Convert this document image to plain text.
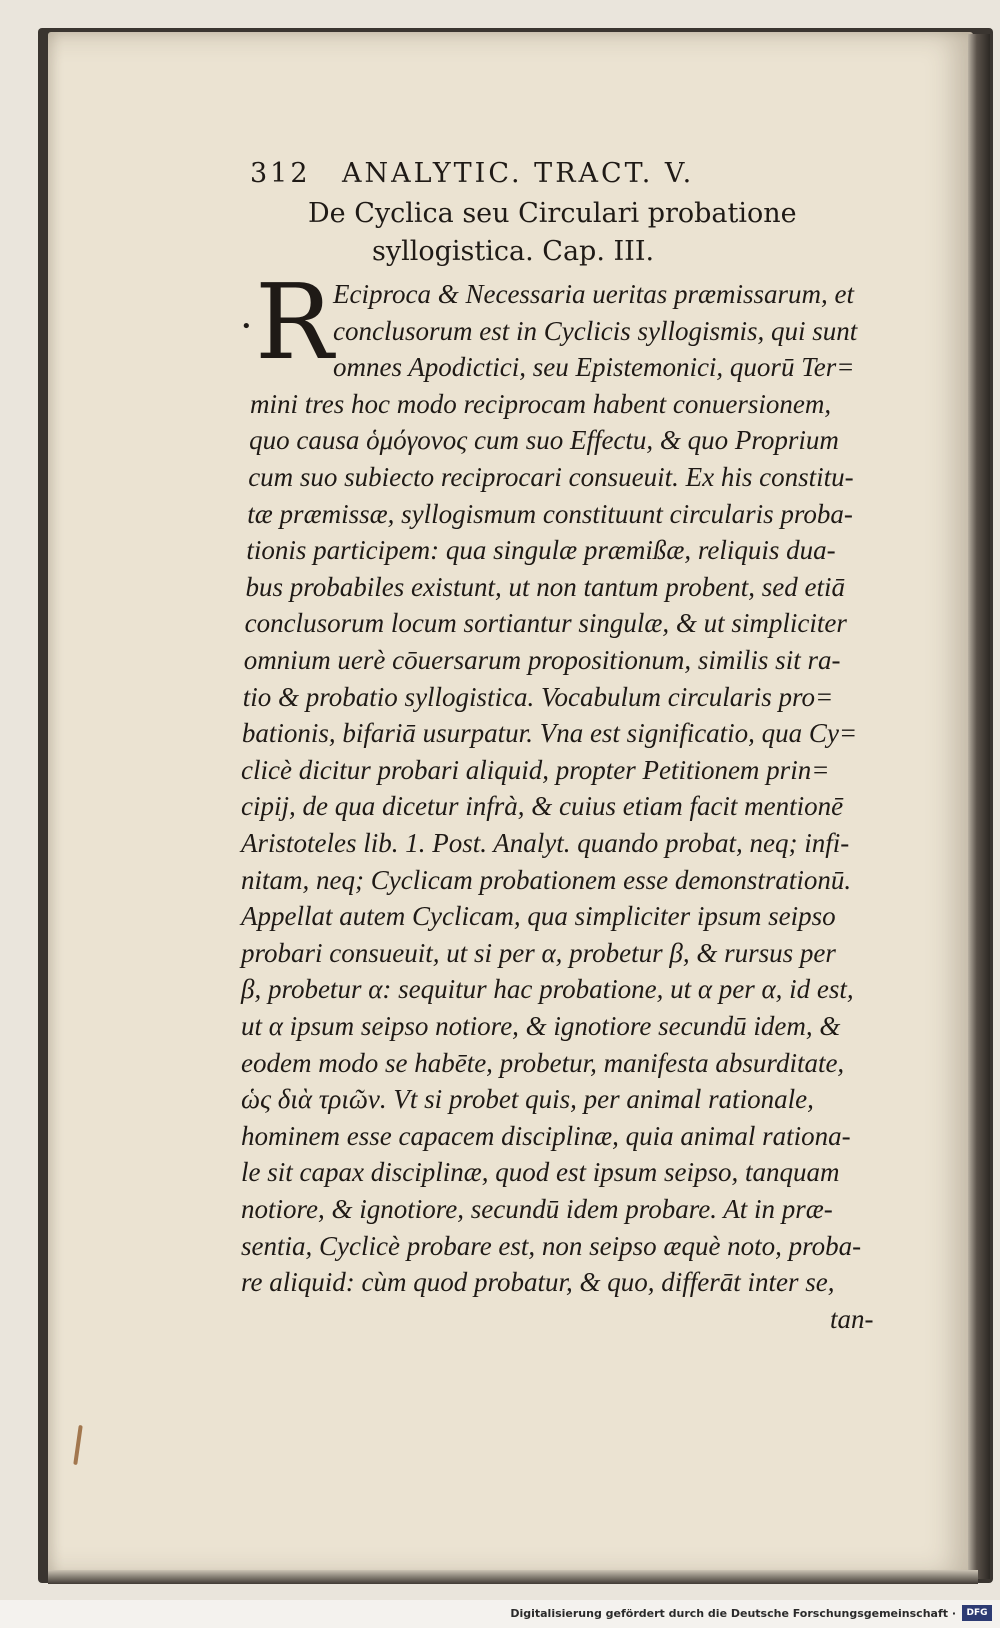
312 ANALYTIC. TRACT. V.
De Cyclica seu Circulari probatione
syllogistica. Cap. III.
R
•
Eciproca & Necessaria ueritas præmissarum, et
conclusorum est in Cyclicis syllogismis, qui sunt
omnes Apodictici, seu Epistemonici, quorū Ter=
mini tres hoc modo reciprocam habent conuersionem,
quo causa ὁμόγονος cum suo Effectu, & quo Proprium
cum suo subiecto reciprocari consueuit. Ex his constitu-
tæ præmissæ, syllogismum constituunt circularis proba-
tionis participem: qua singulæ præmißæ, reliquis dua-
bus probabiles existunt, ut non tantum probent, sed etiā
conclusorum locum sortiantur singulæ, & ut simpliciter
omnium uerè cōuersarum propositionum, similis sit ra-
tio & probatio syllogistica. Vocabulum circularis pro=
bationis, bifariā usurpatur. Vna est significatio, qua Cy=
clicè dicitur probari aliquid, propter Petitionem prin=
cipij, de qua dicetur infrà, & cuius etiam facit mentionē
Aristoteles lib. 1. Post. Analyt. quando probat, neq; infi-
nitam, neq; Cyclicam probationem esse demonstrationū.
Appellat autem Cyclicam, qua simpliciter ipsum seipso
probari consueuit, ut si per α, probetur β, & rursus per
β, probetur α: sequitur hac probatione, ut α per α, id est,
ut α ipsum seipso notiore, & ignotiore secundū idem, &
eodem modo se habēte, probetur, manifesta absurditate,
ὡς διὰ τριῶν. Vt si probet quis, per animal rationale,
hominem esse capacem disciplinæ, quia animal rationa-
le sit capax disciplinæ, quod est ipsum seipso, tanquam
notiore, & ignotiore, secundū idem probare. At in præ-
sentia, Cyclicè probare est, non seipso æquè noto, proba-
re aliquid: cùm quod probatur, & quo, differāt inter se,
tan-
Digitalisierung gefördert durch die Deutsche Forschungsgemeinschaft ·	DFG
